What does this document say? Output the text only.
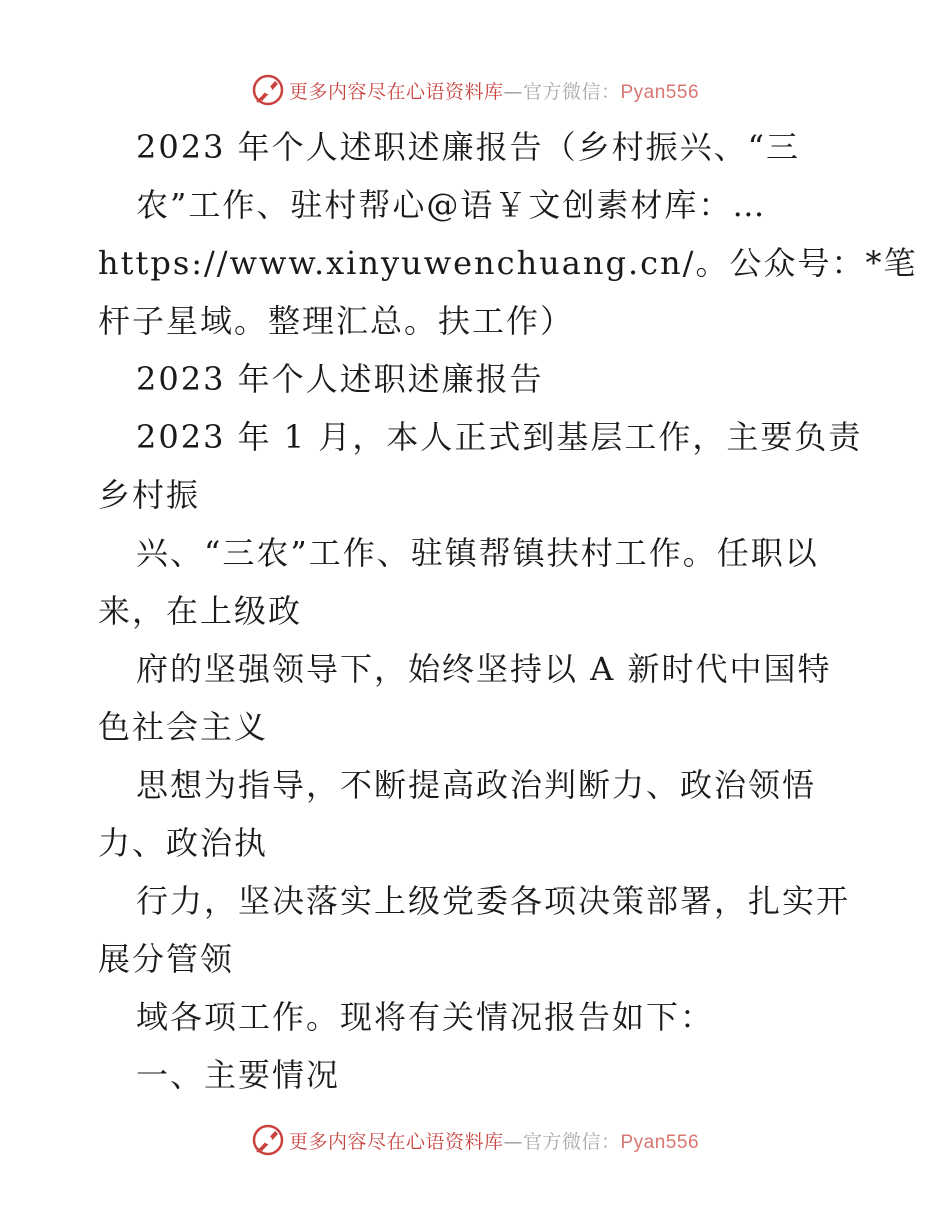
更多内容尽在心语资料库—官方微信：Pyan556
2023 年个人述职述廉报告（乡村振兴、“三
农”工作、驻村帮心@语￥文创素材库：…
https://www.xinyuwenchuang.cn/。公众号：*笔
杆子星域。整理汇总。扶工作）
2023 年个人述职述廉报告
2023 年 1 月，本人正式到基层工作，主要负责
乡村振
兴、“三农”工作、驻镇帮镇扶村工作。任职以
来，在上级政
府的坚强领导下，始终坚持以 A 新时代中国特
色社会主义
思想为指导，不断提高政治判断力、政治领悟
力、政治执
行力，坚决落实上级党委各项决策部署，扎实开
展分管领
域各项工作。现将有关情况报告如下：
一、主要情况
更多内容尽在心语资料库—官方微信：Pyan556
